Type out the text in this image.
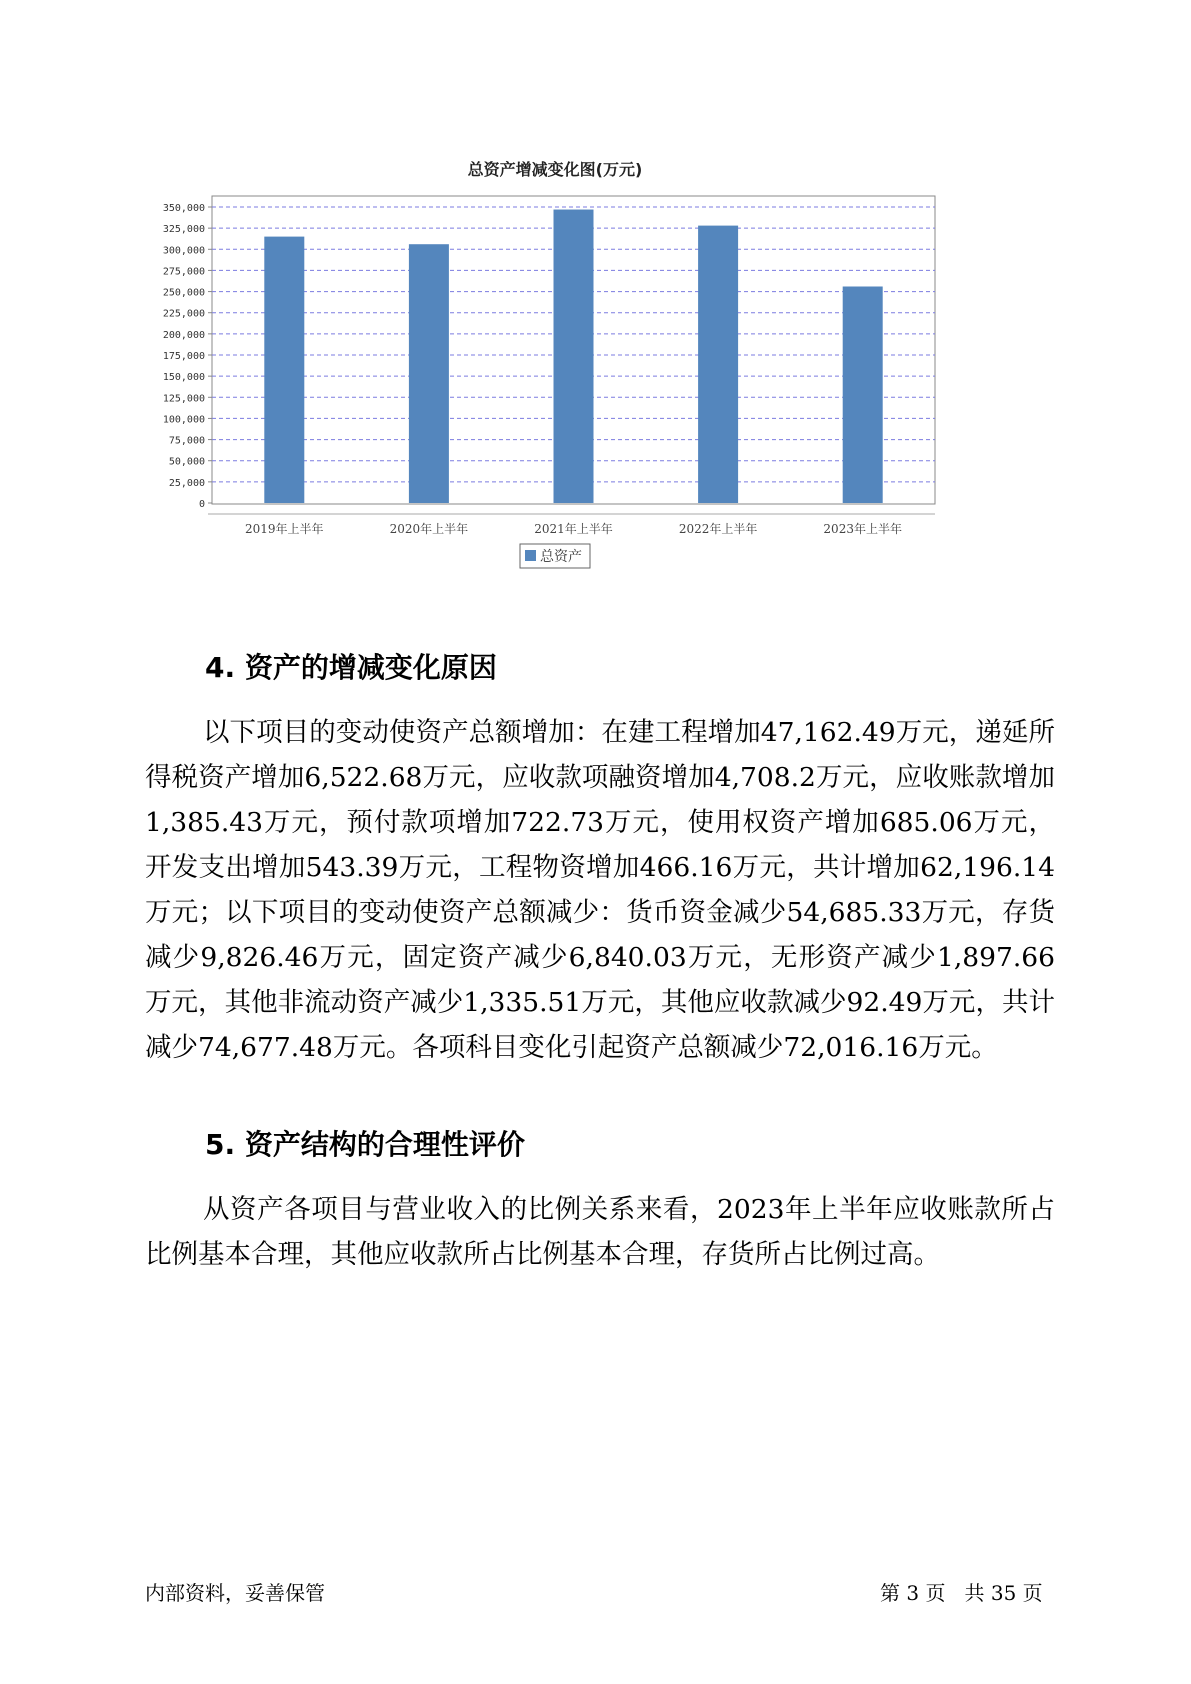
总资产增减变化图(万元)
0
25,000
50,000
75,000
100,000
125,000
150,000
175,000
200,000
225,000
250,000
275,000
300,000
325,000
350,000
2019年上半年	2020年上半年	2021年上半年	2022年上半年	2023年上半年
总资产
4. 资产的增减变化原因

以下项目的变动使资产总额增加：在建工程增加47,162.49万元，递延所得税资产增加6,522.68万元，应收款项融资增加4,708.2万元，应收账款增加1,385.43万元，预付款项增加722.73万元，使用权资产增加685.06万元，开发支出增加543.39万元，工程物资增加466.16万元，共计增加62,196.14万元；以下项目的变动使资产总额减少：货币资金减少54,685.33万元，存货减少9,826.46万元，固定资产减少6,840.03万元，无形资产减少1,897.66万元，其他非流动资产减少1,335.51万元，其他应收款减少92.49万元，共计减少74,677.48万元。各项科目变化引起资产总额减少72,016.16万元。

5. 资产结构的合理性评价

从资产各项目与营业收入的比例关系来看，2023年上半年应收账款所占比例基本合理，其他应收款所占比例基本合理，存货所占比例过高。

内部资料，妥善保管	第 3 页   共 35 页
